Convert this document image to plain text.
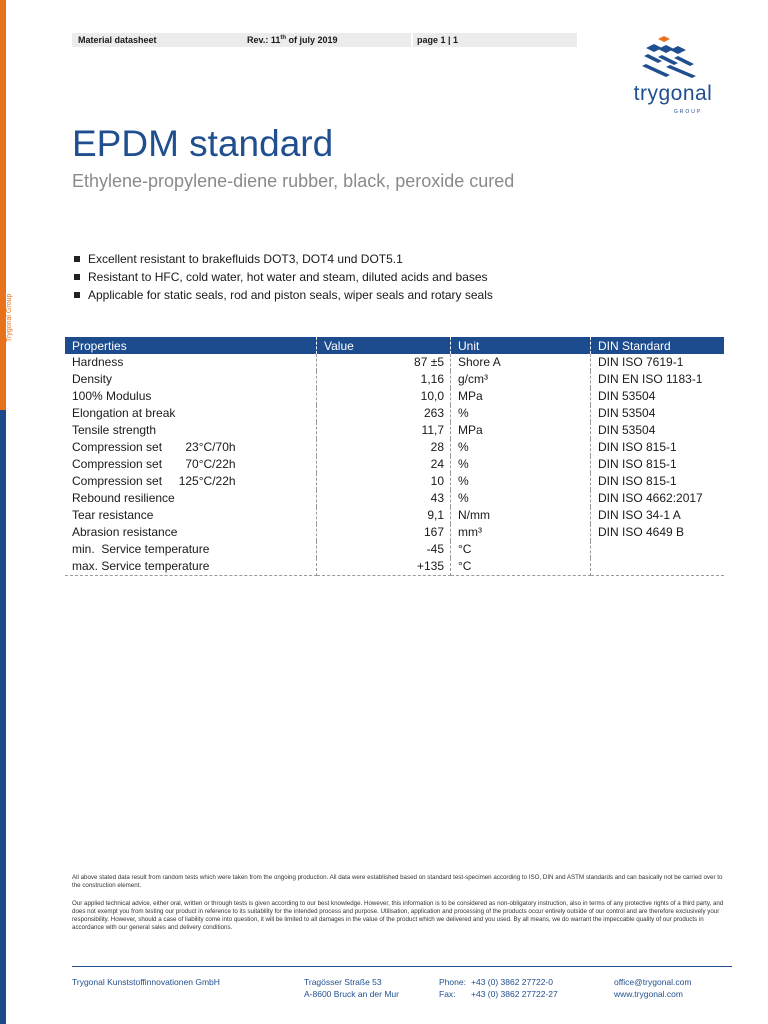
Trygonal Group
Material datasheet	Rev.: 11th of july 2019	page 1 | 1
trygonal
GROUP
EPDM standard

Ethylene-propylene-diene rubber, black, peroxide cured

Excellent resistant to brakefluids DOT3, DOT4 und DOT5.1
Resistant to HFC, cold water, hot water and steam, diluted acids and bases
Applicable for static seals, rod and piston seals, wiper seals and rotary seals
Properties	Value	Unit	DIN Standard
Hardness	87 ±5	Shore A	DIN ISO 7619-1
Density	1,16	g/cm³	DIN EN ISO 1183-1
100% Modulus	10,0	MPa	DIN 53504
Elongation at break	263	%	DIN 53504
Tensile strength	11,7	MPa	DIN 53504
Compression set       23°C/70h	28	%	DIN ISO 815-1
Compression set       70°C/22h	24	%	DIN ISO 815-1
Compression set     125°C/22h	10	%	DIN ISO 815-1
Rebound resilience	43	%	DIN ISO 4662:2017
Tear resistance	9,1	N/mm	DIN ISO 34-1 A
Abrasion resistance	167	mm³	DIN ISO 4649 B
min.  Service temperature	-45	°C	
max. Service temperature	+135	°C	

All above stated data result from random tests which were taken from the ongoing production. All data were established based on standard test-specimen according to ISO, DIN and ASTM standards and can basically not be carried over to the construction element.

Our applied technical advice, either oral, written or through tests is given according to our best knowledge. However, this information is to be considered as non-obligatory instruction, also in terms of any protective rights of a third party, and does not exempt you from testing our product in reference to its suitability for the intended process and purpose. Utilisation, application and processing of the products occur entirely outside of our control and are therefore exclusively your responsibility. However, should a case of liability come into question, it will be limited to all damages in the value of the product which we delivered and you used. By all means, we do warrant the impeccable quality of our products in accordance with our general sales and delivery conditions.

Trygonal Kunststoffinnovationen GmbH	Tragösser Straße 53
A-8600 Bruck an der Mur
Phone: +43 (0) 3862 27722-0
Fax: +43 (0) 3862 27722-27
office@trygonal.com
www.trygonal.com
